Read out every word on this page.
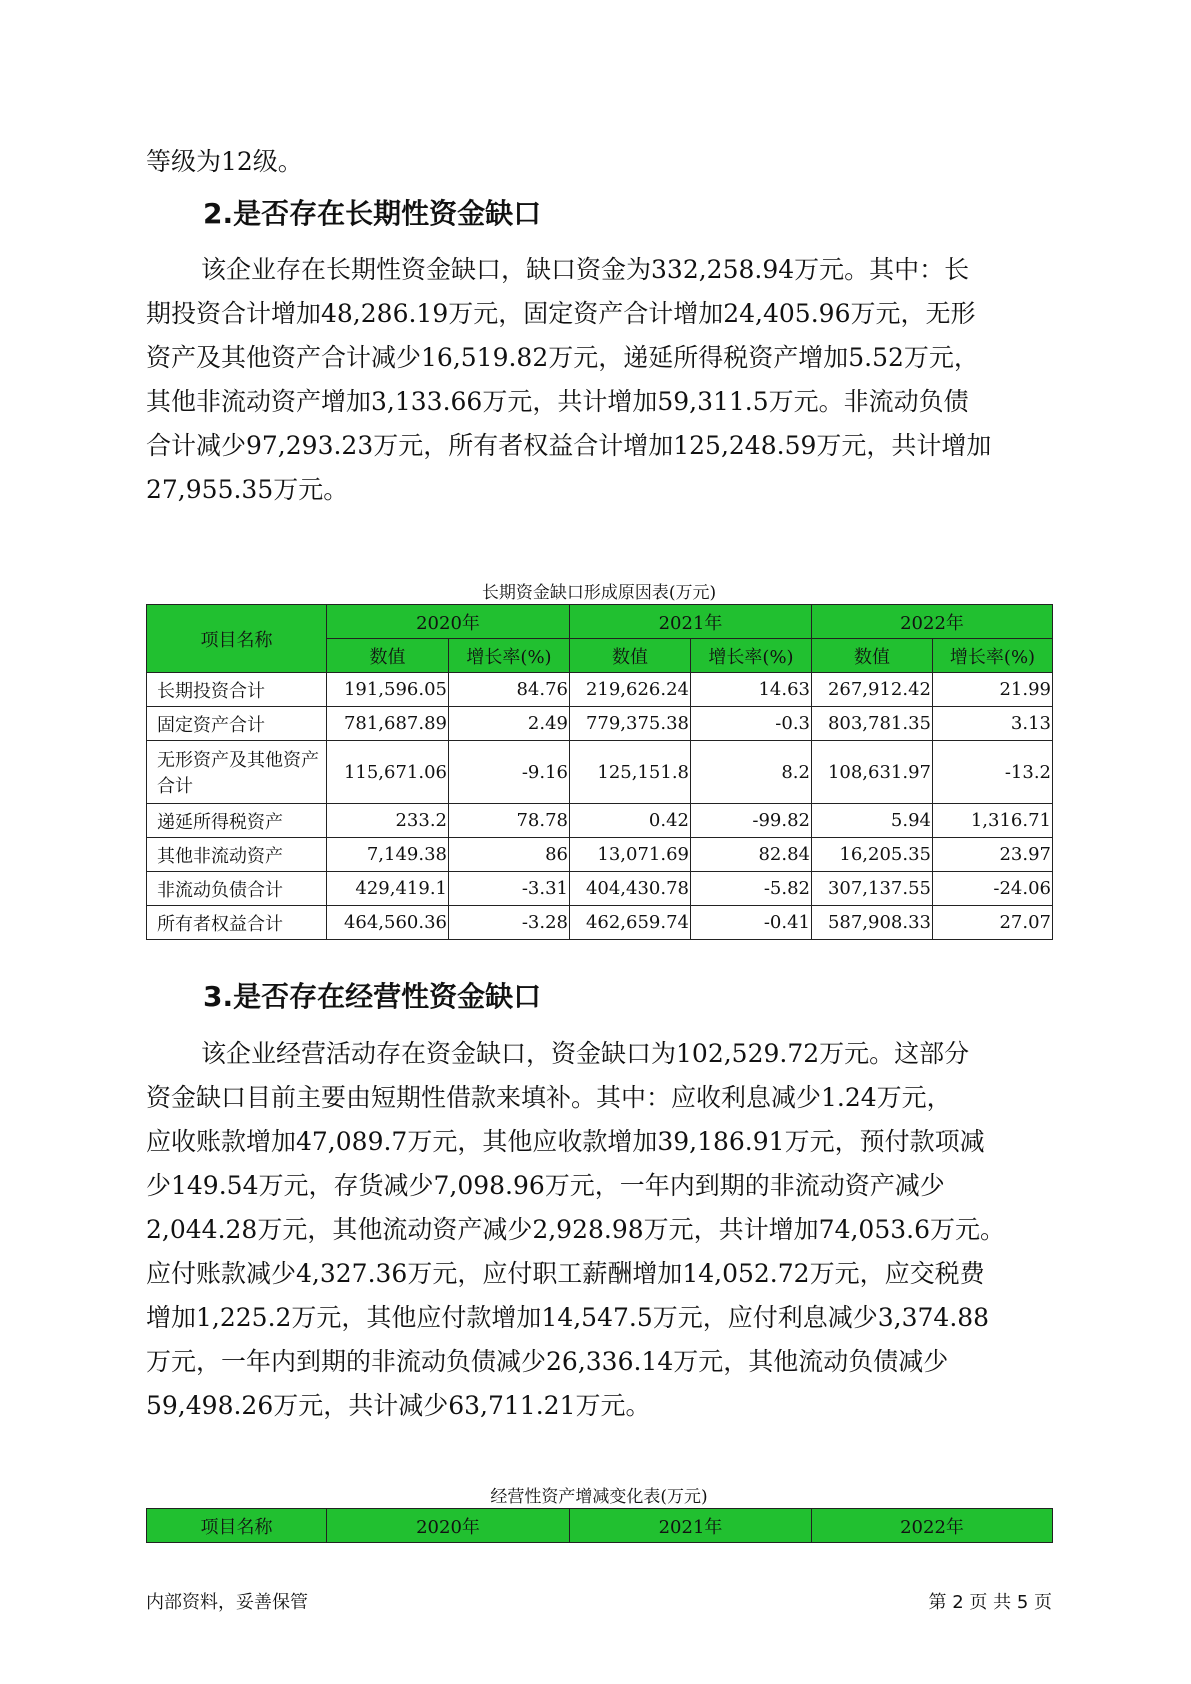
等级为12级。

2.是否存在长期性资金缺口

该企业存在长期性资金缺口，缺口资金为332,258.94万元。其中：长
期投资合计增加48,286.19万元，固定资产合计增加24,405.96万元，无形
资产及其他资产合计减少16,519.82万元，递延所得税资产增加5.52万元，
其他非流动资产增加3,133.66万元，共计增加59,311.5万元。非流动负债
合计减少97,293.23万元，所有者权益合计增加125,248.59万元，共计增加
27,955.35万元。

长期资金缺口形成原因表(万元)
项目名称	2020年		2021年		2022年	
	数值	增长率(%)	数值	增长率(%)	数值	增长率(%)
长期投资合计	191,596.05	84.76	219,626.24	14.63	267,912.42	21.99
固定资产合计	781,687.89	2.49	779,375.38	-0.3	803,781.35	3.13
无形资产及其他资产合计	115,671.06	-9.16	125,151.8	8.2	108,631.97	-13.2
递延所得税资产	233.2	78.78	0.42	-99.82	5.94	1,316.71
其他非流动资产	7,149.38	86	13,071.69	82.84	16,205.35	23.97
非流动负债合计	429,419.1	-3.31	404,430.78	-5.82	307,137.55	-24.06
所有者权益合计	464,560.36	-3.28	462,659.74	-0.41	587,908.33	27.07
3.是否存在经营性资金缺口

该企业经营活动存在资金缺口，资金缺口为102,529.72万元。这部分
资金缺口目前主要由短期性借款来填补。其中：应收利息减少1.24万元，
应收账款增加47,089.7万元，其他应收款增加39,186.91万元，预付款项减
少149.54万元，存货减少7,098.96万元，一年内到期的非流动资产减少
2,044.28万元，其他流动资产减少2,928.98万元，共计增加74,053.6万元。
应付账款减少4,327.36万元，应付职工薪酬增加14,052.72万元，应交税费
增加1,225.2万元，其他应付款增加14,547.5万元，应付利息减少3,374.88
万元，一年内到期的非流动负债减少26,336.14万元，其他流动负债减少
59,498.26万元，共计减少63,711.21万元。

经营性资产增减变化表(万元)
项目名称	2020年	2021年	2022年
内部资料，妥善保管	第 2 页 共 5 页
